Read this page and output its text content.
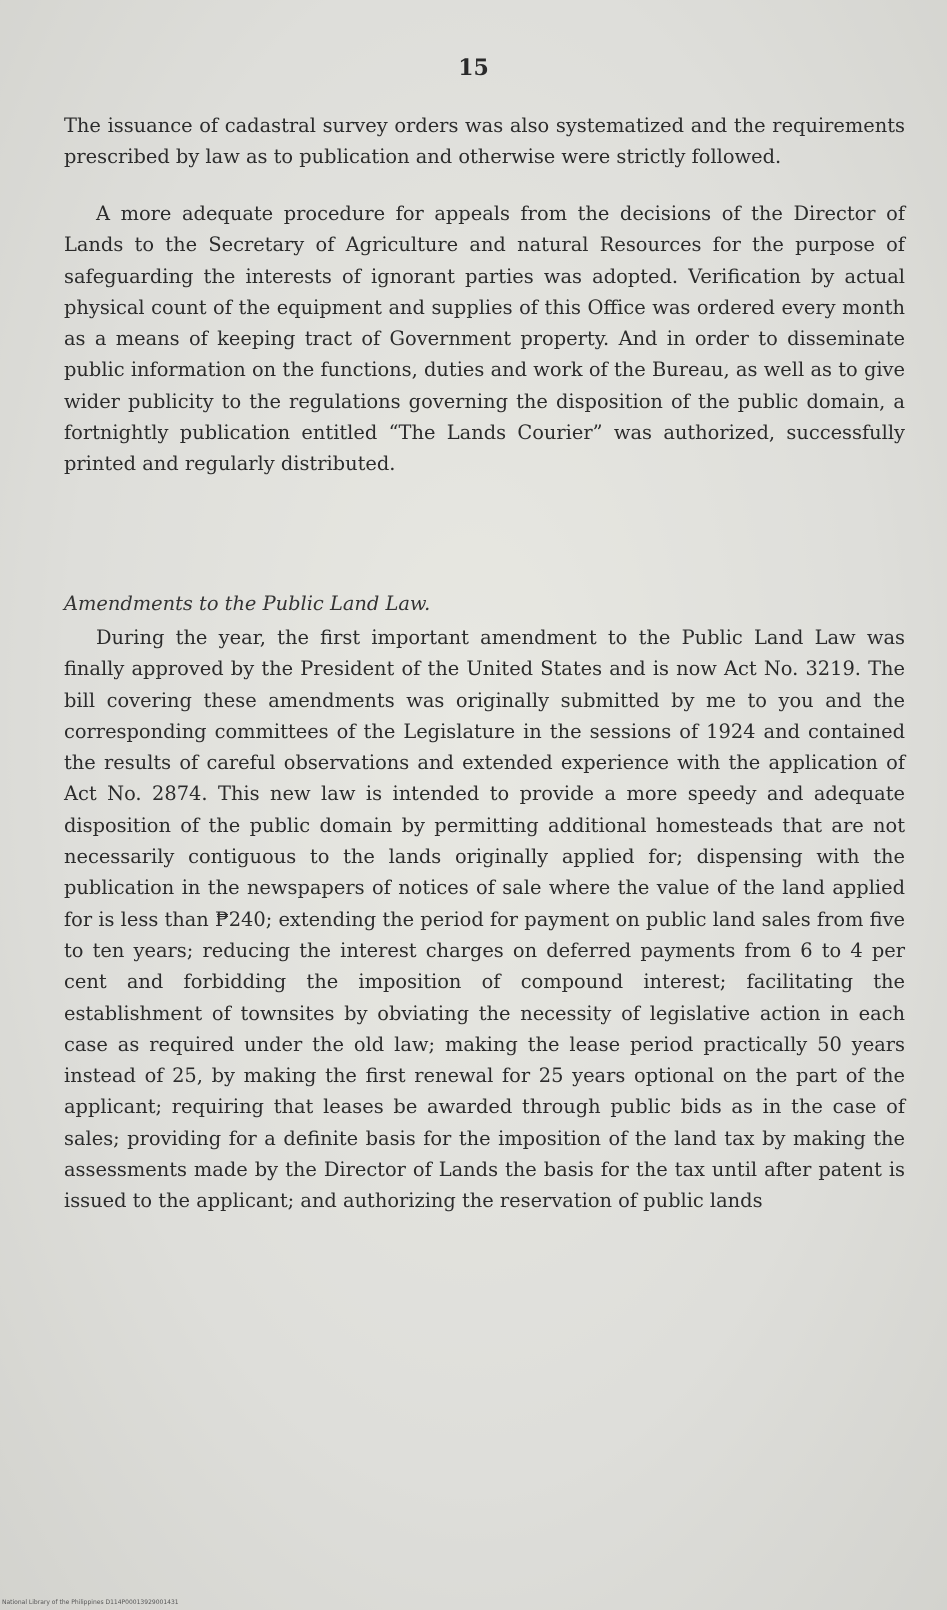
15

The issuance of cadastral survey orders was also systematized and the requirements prescribed by law as to publication and otherwise were strictly followed.

A more adequate procedure for appeals from the decisions of the Director of Lands to the Secretary of Agriculture and natural Resources for the purpose of safeguarding the interests of ignorant parties was adopted. Verification by actual physical count of the equipment and supplies of this Office was ordered every month as a means of keeping tract of Government property. And in order to disseminate public information on the functions, duties and work of the Bureau, as well as to give wider publicity to the regulations governing the disposition of the public domain, a fortnightly publication entitled “The Lands Courier” was authorized, successfully printed and regularly distributed.

Amendments to the Public Land Law.

During the year, the first important amendment to the Public Land Law was finally approved by the President of the United States and is now Act No. 3219. The bill covering these amendments was originally submitted by me to you and the corresponding committees of the Legislature in the sessions of 1924 and contained the results of careful observations and extended experience with the application of Act No. 2874. This new law is intended to provide a more speedy and adequate disposition of the public domain by permitting additional homesteads that are not necessarily contiguous to the lands originally applied for; dispensing with the publication in the newspapers of notices of sale where the value of the land applied for is less than ₱240; extending the period for payment on public land sales from five to ten years; reducing the interest charges on deferred payments from 6 to 4 per cent and forbidding the imposition of compound interest; facilitating the establishment of townsites by obviating the necessity of legislative action in each case as required under the old law; making the lease period practically 50 years instead of 25, by making the first renewal for 25 years optional on the part of the applicant; requiring that leases be awarded through public bids as in the case of sales; providing for a definite basis for the imposition of the land tax by making the assessments made by the Director of Lands the basis for the tax until after patent is issued to the applicant; and authorizing the reservation of public lands

National Library of the Philippines D114P00013929001431
